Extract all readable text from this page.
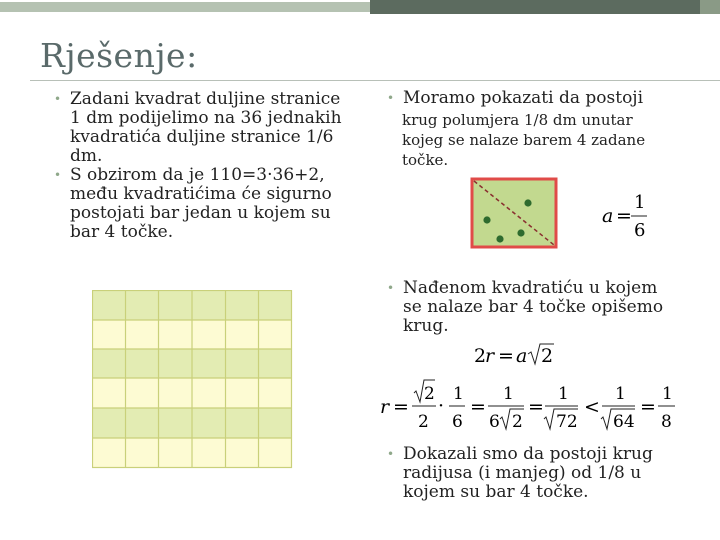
Rješenje:
• Zadani kvadrat duljine stranice 1 dm podijelimo na 36 jednakih kvadratića duljine stranice 1/6 dm.
• S obzirom da je 110=3·36+2, među kvadratićima će sigurno postojati bar jedan u kojem su bar 4 točke.
• Moramo pokazati da postoji
krug polumjera 1/8 dm unutar kojeg se nalaze barem 4 zadane točke.
a =
1
6
• Nađenom kvadratiću u kojem se nalaze bar 4 točke opišemo krug.
2
r = a 2
r =
2
2
·
1
6
=
1
6 2
=
1
72
<
1
64
=
1
8
• Dokazali smo da postoji krug radijusa (i manjeg) od 1/8 u kojem su bar 4 točke.
